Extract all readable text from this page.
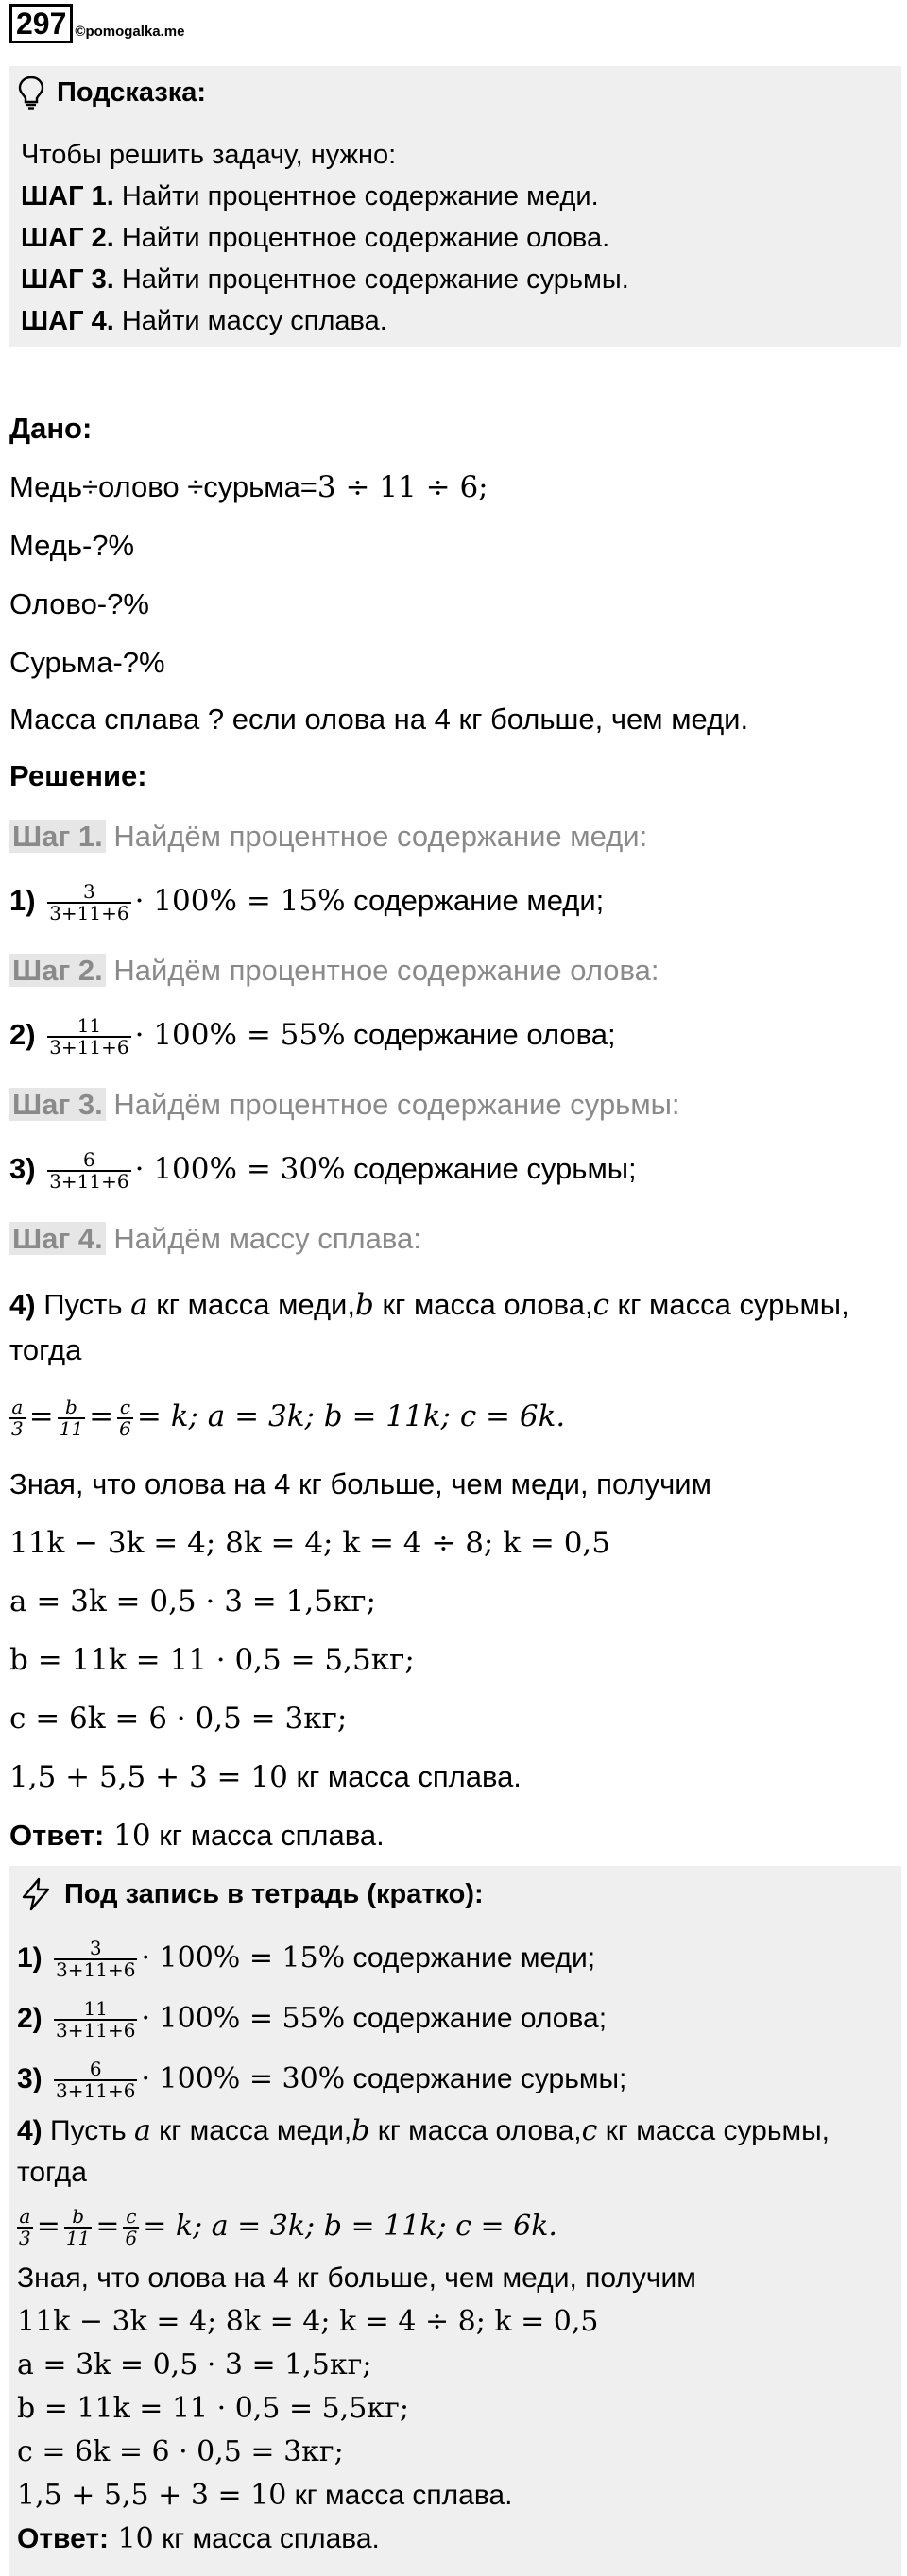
297 ©pomogalka.me
Подсказка:
Чтобы решить задачу, нужно:
ШАГ 1. Найти процентное содержание меди.
ШАГ 2. Найти процентное содержание олова.
ШАГ 3. Найти процентное содержание сурьмы.
ШАГ 4. Найти массу сплава.
Дано:
Медь÷олово ÷сурьма=3 ÷ 11 ÷ 6;
Медь-?%
Олово-?%
Сурьма-?%
Масса сплава ? если олова на 4 кг больше, чем меди.
Решение:
Шаг 1. Найдём процентное содержание меди:
$1) \frac{3}{3+11+6} \cdot 100\% = 15\%$ содержание меди;
Шаг 2. Найдём процентное содержание олова:
$2) \frac{11}{3+11+6} \cdot 100\% = 55\%$ содержание олова;
Шаг 3. Найдём процентное содержание сурьмы:
$3) \frac{6}{3+11+6} \cdot 100\% = 30\%$ содержание сурьмы;
Шаг 4. Найдём массу сплава:
4) Пусть a кг масса меди,b кг масса олова,c кг масса сурьмы,
тогда
$\frac{a}{3} = \frac{b}{11} = \frac{c}{6} = k$; a = 3k; b = 11k; c = 6k.
Зная, что олова на 4 кг больше, чем меди, получим
11k − 3k = 4; 8k = 4; k = 4 ÷ 8; k = 0,5
a = 3k = 0,5 · 3 = 1,5кг;
b = 11k = 11 · 0,5 = 5,5кг;
c = 6k = 6 · 0,5 = 3кг;
1,5 + 5,5 + 3 = 10 кг масса сплава.
Ответ: 10 кг масса сплава.
Под запись в тетрадь (кратко):
$1) \frac{3}{3+11+6} \cdot 100\% = 15\%$ содержание меди;
$2) \frac{11}{3+11+6} \cdot 100\% = 55\%$ содержание олова;
$3) \frac{6}{3+11+6} \cdot 100\% = 30\%$ содержание сурьмы;
4) Пусть a кг масса меди,b кг масса олова,c кг масса сурьмы,
тогда
$\frac{a}{3} = \frac{b}{11} = \frac{c}{6} = k$; a = 3k; b = 11k; c = 6k.
Зная, что олова на 4 кг больше, чем меди, получим
11k − 3k = 4; 8k = 4; k = 4 ÷ 8; k = 0,5
a = 3k = 0,5 · 3 = 1,5кг;
b = 11k = 11 · 0,5 = 5,5кг;
c = 6k = 6 · 0,5 = 3кг;
1,5 + 5,5 + 3 = 10 кг масса сплава.
Ответ: 10 кг масса сплава.
